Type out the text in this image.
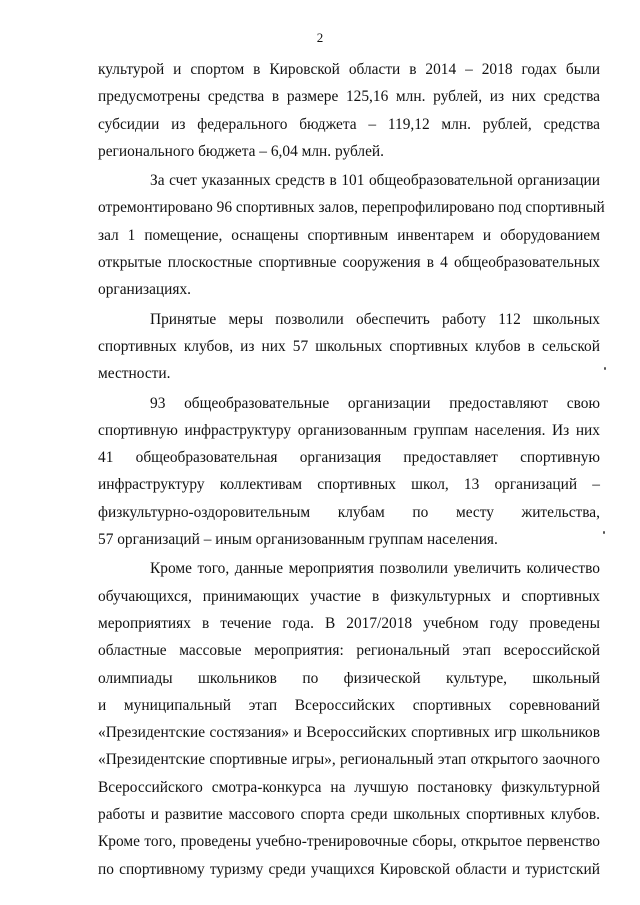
2
культурой и спортом в Кировской области в 2014 – 2018 годах были
предусмотрены средства в размере 125,16 млн. рублей, из них средства
субсидии из федерального бюджета – 119,12 млн. рублей, средства
регионального бюджета – 6,04 млн. рублей.
За счет указанных средств в 101 общеобразовательной организации
отремонтировано 96 спортивных залов, перепрофилировано под спортивный
зал 1 помещение, оснащены спортивным инвентарем и оборудованием
открытые плоскостные спортивные сооружения в 4 общеобразовательных
организациях.
Принятые меры позволили обеспечить работу 112 школьных
спортивных клубов, из них 57 школьных спортивных клубов в сельской
местности.
93 общеобразовательные организации предоставляют свою
спортивную инфраструктуру организованным группам населения. Из них
41 общеобразовательная организация предоставляет спортивную
инфраструктуру коллективам спортивных школ, 13 организаций –
физкультурно-оздоровительным клубам по месту жительства,
57 организаций – иным организованным группам населения.
Кроме того, данные мероприятия позволили увеличить количество
обучающихся, принимающих участие в физкультурных и спортивных
мероприятиях в течение года. В 2017/2018 учебном году проведены
областные массовые мероприятия: региональный этап всероссийской
олимпиады школьников по физической культуре, школьный
и муниципальный этап Всероссийских спортивных соревнований
«Президентские состязания» и Всероссийских спортивных игр школьников
«Президентские спортивные игры», региональный этап открытого заочного
Всероссийского смотра-конкурса на лучшую постановку физкультурной
работы и развитие массового спорта среди школьных спортивных клубов.
Кроме того, проведены учебно-тренировочные сборы, открытое первенство
по спортивному туризму среди учащихся Кировской области и туристский
